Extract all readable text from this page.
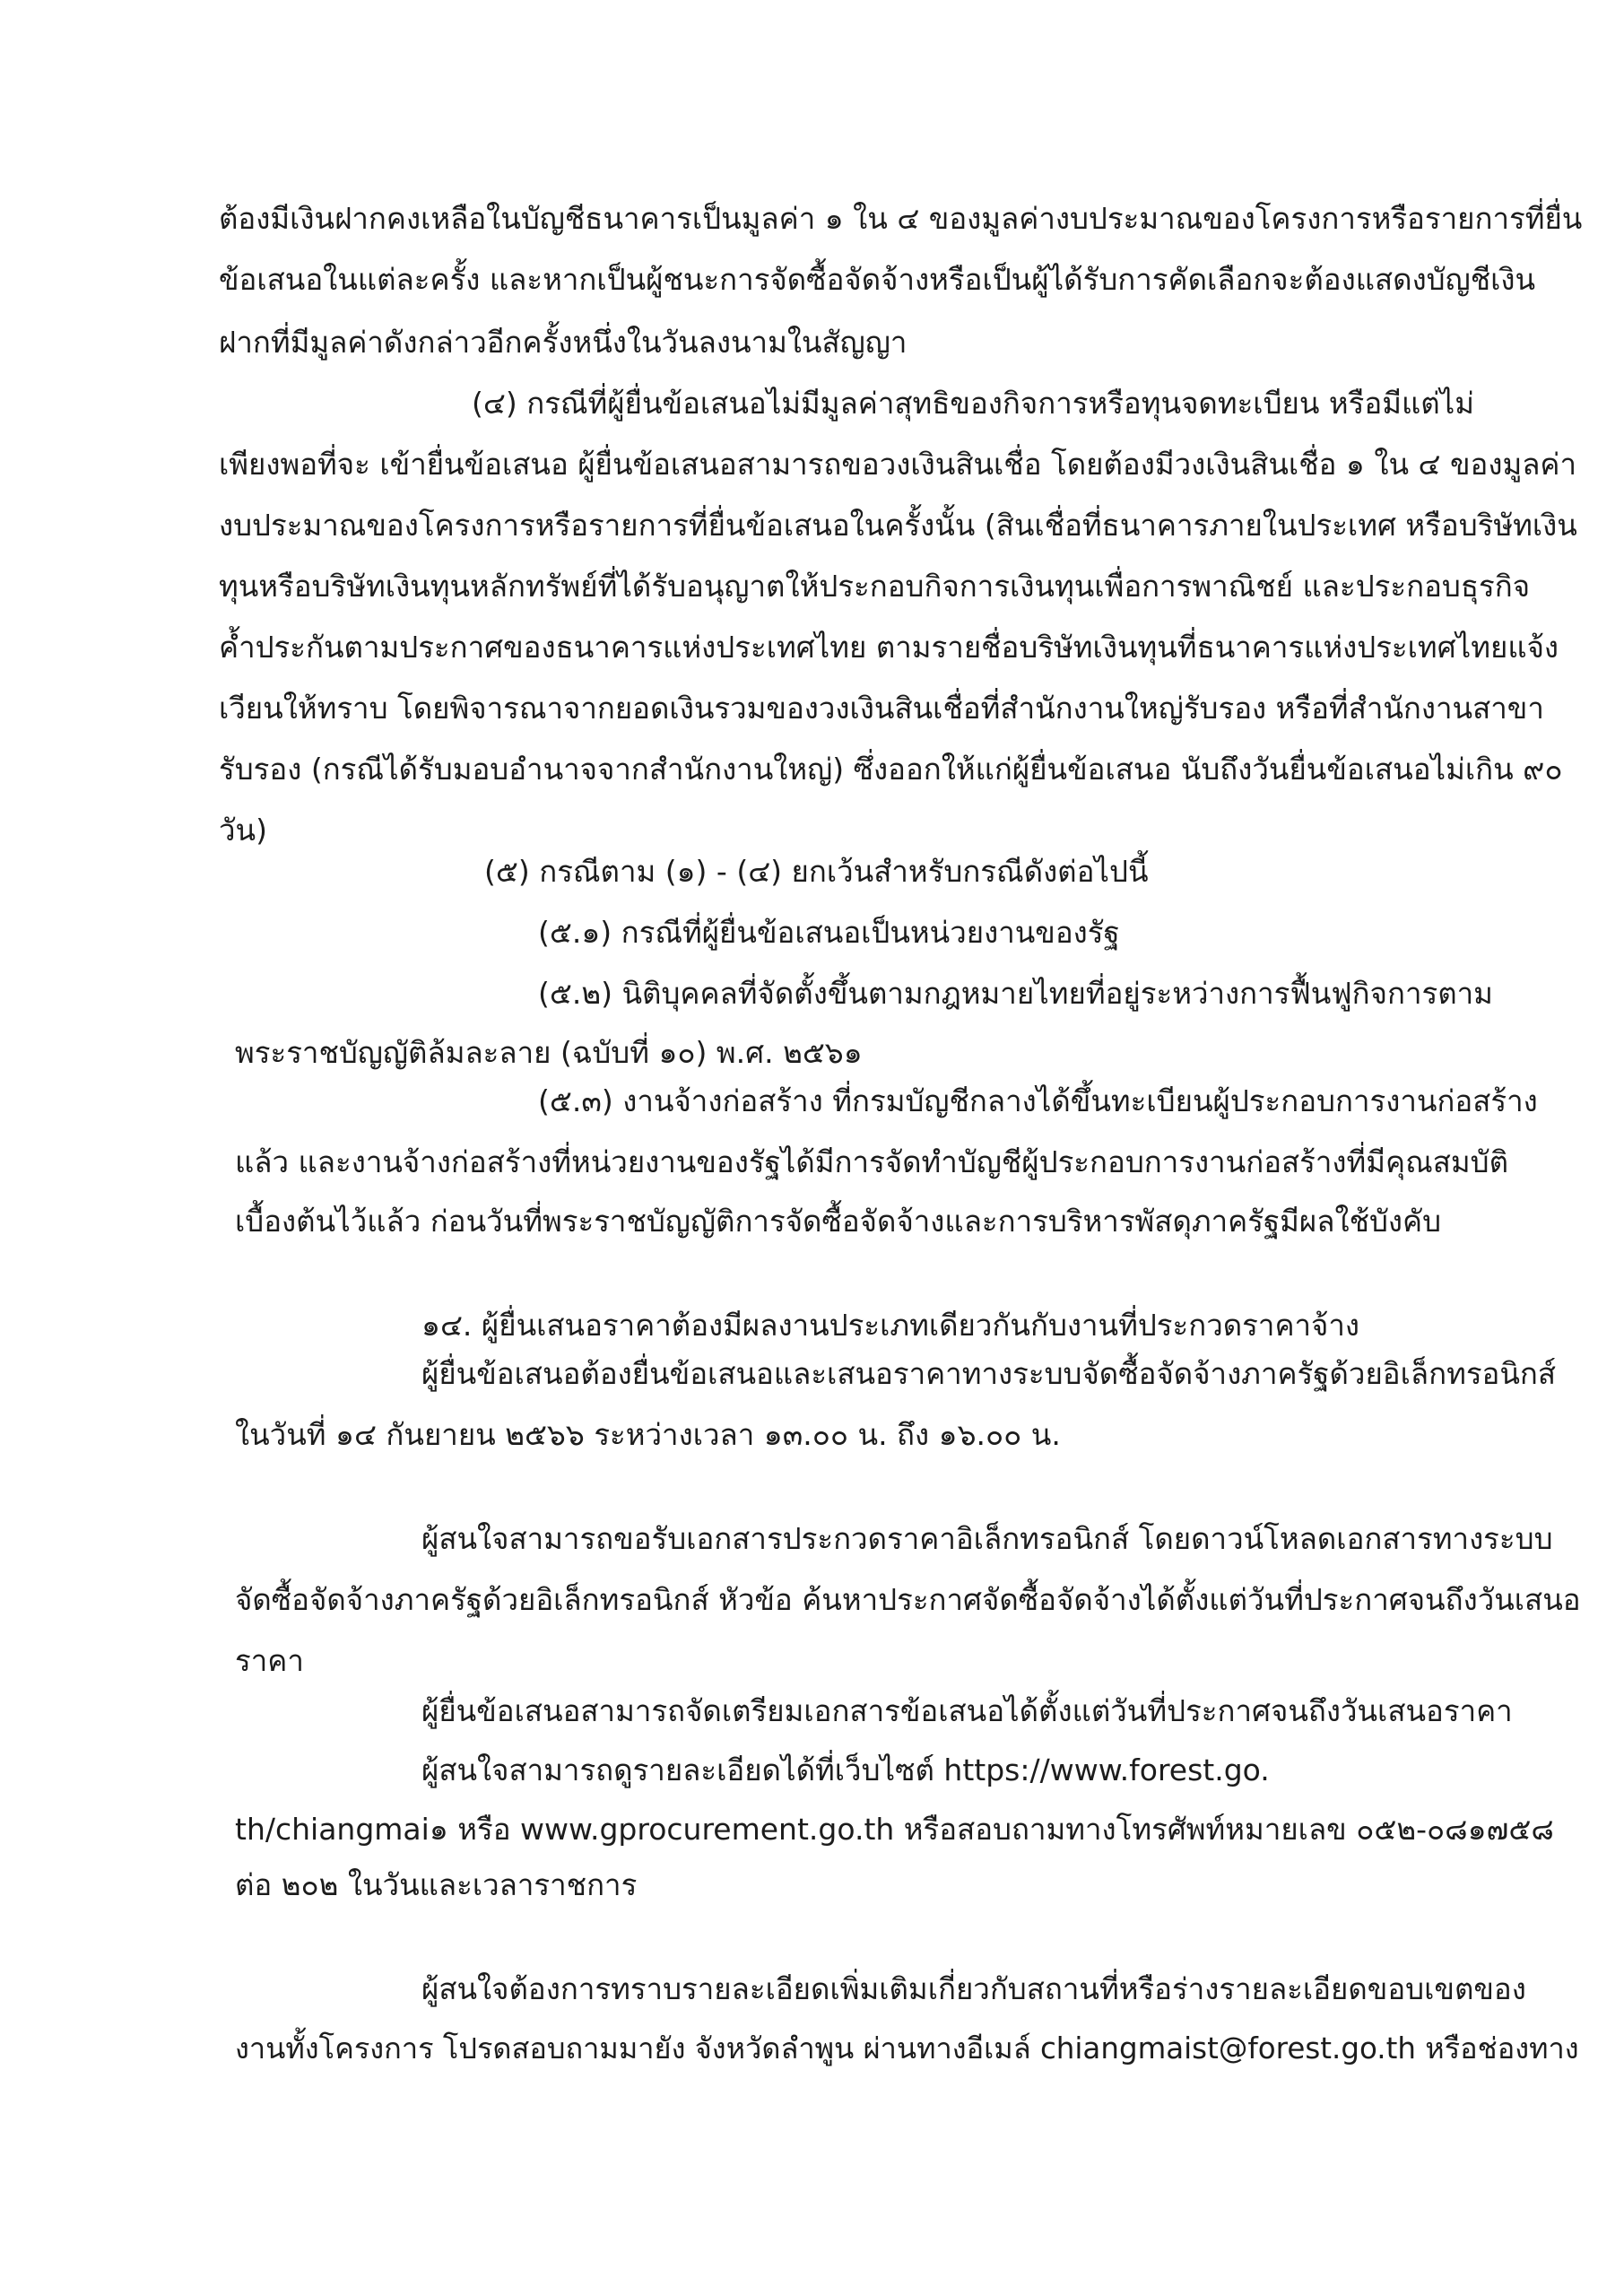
ต้องมีเงินฝากคงเหลือในบัญชีธนาคารเป็นมูลค่า ๑ ใน ๔ ของมูลค่างบประมาณของโครงการหรือรายการที่ยื่น

ข้อเสนอในแต่ละครั้ง และหากเป็นผู้ชนะการจัดซื้อจัดจ้างหรือเป็นผู้ได้รับการคัดเลือกจะต้องแสดงบัญชีเงิน

ฝากที่มีมูลค่าดังกล่าวอีกครั้งหนึ่งในวันลงนามในสัญญา

(๔) กรณีที่ผู้ยื่นข้อเสนอไม่มีมูลค่าสุทธิของกิจการหรือทุนจดทะเบียน หรือมีแต่ไม่

เพียงพอที่จะ เข้ายื่นข้อเสนอ ผู้ยื่นข้อเสนอสามารถขอวงเงินสินเชื่อ โดยต้องมีวงเงินสินเชื่อ ๑ ใน ๔ ของมูลค่า

งบประมาณของโครงการหรือรายการที่ยื่นข้อเสนอในครั้งนั้น (สินเชื่อที่ธนาคารภายในประเทศ หรือบริษัทเงิน

ทุนหรือบริษัทเงินทุนหลักทรัพย์ที่ได้รับอนุญาตให้ประกอบกิจการเงินทุนเพื่อการพาณิชย์ และประกอบธุรกิจ

ค้ำประกันตามประกาศของธนาคารแห่งประเทศไทย ตามรายชื่อบริษัทเงินทุนที่ธนาคารแห่งประเทศไทยแจ้ง

เวียนให้ทราบ โดยพิจารณาจากยอดเงินรวมของวงเงินสินเชื่อที่สำนักงานใหญ่รับรอง หรือที่สำนักงานสาขา

รับรอง (กรณีได้รับมอบอำนาจจากสำนักงานใหญ่) ซึ่งออกให้แก่ผู้ยื่นข้อเสนอ นับถึงวันยื่นข้อเสนอไม่เกิน ๙๐

วัน)

(๕) กรณีตาม (๑) - (๔) ยกเว้นสำหรับกรณีดังต่อไปนี้

(๕.๑) กรณีที่ผู้ยื่นข้อเสนอเป็นหน่วยงานของรัฐ

(๕.๒) นิติบุคคลที่จัดตั้งขึ้นตามกฎหมายไทยที่อยู่ระหว่างการฟื้นฟูกิจการตาม

พระราชบัญญัติล้มละลาย (ฉบับที่ ๑๐) พ.ศ. ๒๕๖๑

(๕.๓) งานจ้างก่อสร้าง ที่กรมบัญชีกลางได้ขึ้นทะเบียนผู้ประกอบการงานก่อสร้าง

แล้ว และงานจ้างก่อสร้างที่หน่วยงานของรัฐได้มีการจัดทำบัญชีผู้ประกอบการงานก่อสร้างที่มีคุณสมบัติ

เบื้องต้นไว้แล้ว ก่อนวันที่พระราชบัญญัติการจัดซื้อจัดจ้างและการบริหารพัสดุภาครัฐมีผลใช้บังคับ

๑๔. ผู้ยื่นเสนอราคาต้องมีผลงานประเภทเดียวกันกับงานที่ประกวดราคาจ้าง

ผู้ยื่นข้อเสนอต้องยื่นข้อเสนอและเสนอราคาทางระบบจัดซื้อจัดจ้างภาครัฐด้วยอิเล็กทรอนิกส์

ในวันที่ ๑๔ กันยายน ๒๕๖๖ ระหว่างเวลา ๑๓.๐๐ น. ถึง ๑๖.๐๐ น.

ผู้สนใจสามารถขอรับเอกสารประกวดราคาอิเล็กทรอนิกส์ โดยดาวน์โหลดเอกสารทางระบบ

จัดซื้อจัดจ้างภาครัฐด้วยอิเล็กทรอนิกส์ หัวข้อ ค้นหาประกาศจัดซื้อจัดจ้างได้ตั้งแต่วันที่ประกาศจนถึงวันเสนอ

ราคา

ผู้ยื่นข้อเสนอสามารถจัดเตรียมเอกสารข้อเสนอได้ตั้งแต่วันที่ประกาศจนถึงวันเสนอราคา

ผู้สนใจสามารถดูรายละเอียดได้ที่เว็บไซต์ https://www.forest.go.

th/chiangmai๑ หรือ www.gprocurement.go.th หรือสอบถามทางโทรศัพท์หมายเลข ๐๕๒-๐๘๑๗๕๘

ต่อ ๒๐๒ ในวันและเวลาราชการ

ผู้สนใจต้องการทราบรายละเอียดเพิ่มเติมเกี่ยวกับสถานที่หรือร่างรายละเอียดขอบเขตของ

งานทั้งโครงการ โปรดสอบถามมายัง จังหวัดลำพูน ผ่านทางอีเมล์ chiangmaist@forest.go.th หรือช่องทาง
